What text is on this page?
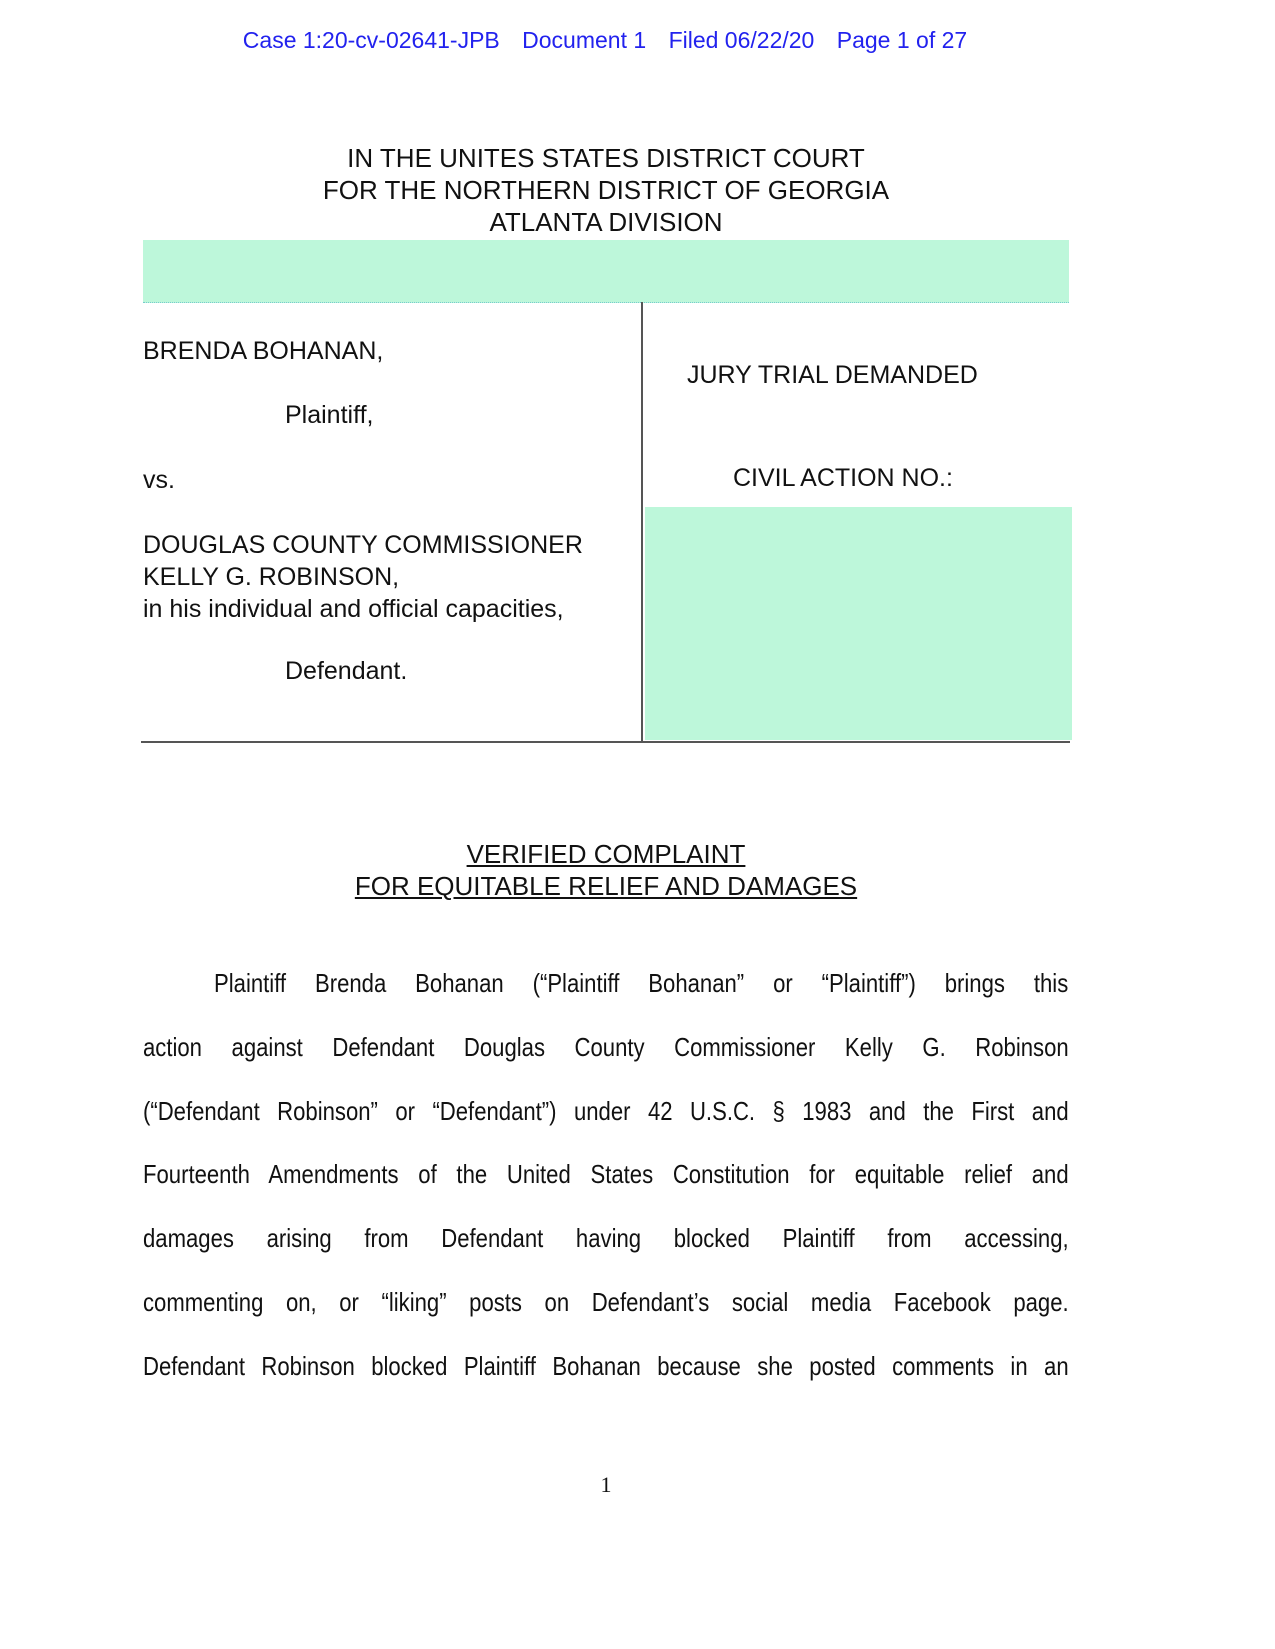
Case 1:20-cv-02641-JPB Document 1 Filed 06/22/20 Page 1 of 27
IN THE UNITES STATES DISTRICT COURT
FOR THE NORTHERN DISTRICT OF GEORGIA
ATLANTA DIVISION
BRENDA BOHANAN,
Plaintiff,
vs.
DOUGLAS COUNTY COMMISSIONER
KELLY G. ROBINSON,
in his individual and official capacities,
Defendant.
JURY TRIAL DEMANDED
CIVIL ACTION NO.:
VERIFIED COMPLAINT
FOR EQUITABLE RELIEF AND DAMAGES
Plaintiff Brenda Bohanan (“Plaintiff Bohanan” or “Plaintiff”) brings this
action against Defendant Douglas County Commissioner Kelly G. Robinson
(“Defendant Robinson” or “Defendant”) under 42 U.S.C. § 1983 and the First and
Fourteenth Amendments of the United States Constitution for equitable relief and
damages arising from Defendant having blocked Plaintiff from accessing,
commenting on, or “liking” posts on Defendant’s social media Facebook page.
Defendant Robinson blocked Plaintiff Bohanan because she posted comments in an
1
